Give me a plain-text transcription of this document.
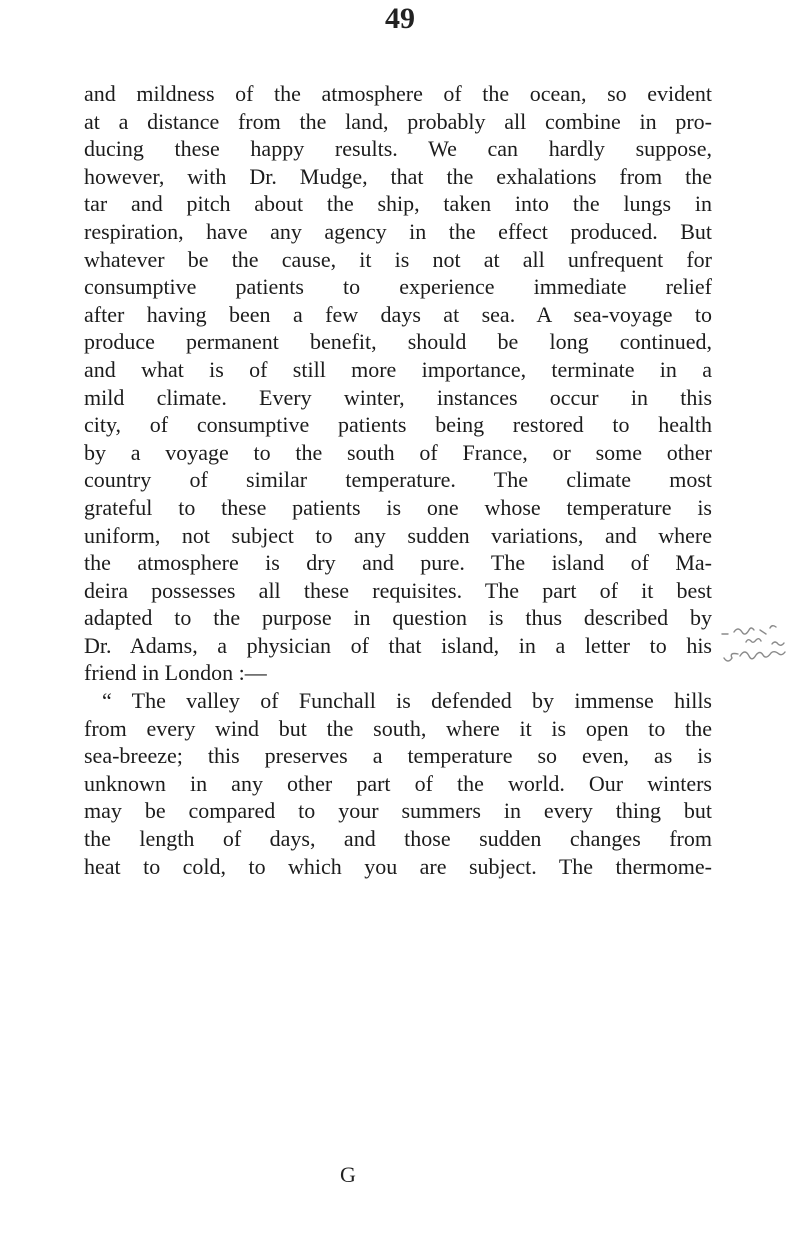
49
and mildness of the atmosphere of the ocean, so evident
at a distance from the land, probably all combine in pro-
ducing these happy results. We can hardly suppose,
however, with Dr. Mudge, that the exhalations from the
tar and pitch about the ship, taken into the lungs in
respiration, have any agency in the effect produced. But
whatever be the cause, it is not at all unfrequent for
consumptive patients to experience immediate relief
after having been a few days at sea. A sea-voyage to
produce permanent benefit, should be long continued,
and what is of still more importance, terminate in a
mild climate. Every winter, instances occur in this
city, of consumptive patients being restored to health
by a voyage to the south of France, or some other
country of similar temperature. The climate most
grateful to these patients is one whose temperature is
uniform, not subject to any sudden variations, and where
the atmosphere is dry and pure. The island of Ma-
deira possesses all these requisites. The part of it best
adapted to the purpose in question is thus described by
Dr. Adams, a physician of that island, in a letter to his
friend in London :—
“ The valley of Funchall is defended by immense hills
from every wind but the south, where it is open to the
sea-breeze; this preserves a temperature so even, as is
unknown in any other part of the world. Our winters
may be compared to your summers in every thing but
the length of days, and those sudden changes from
heat to cold, to which you are subject. The thermome-
G
